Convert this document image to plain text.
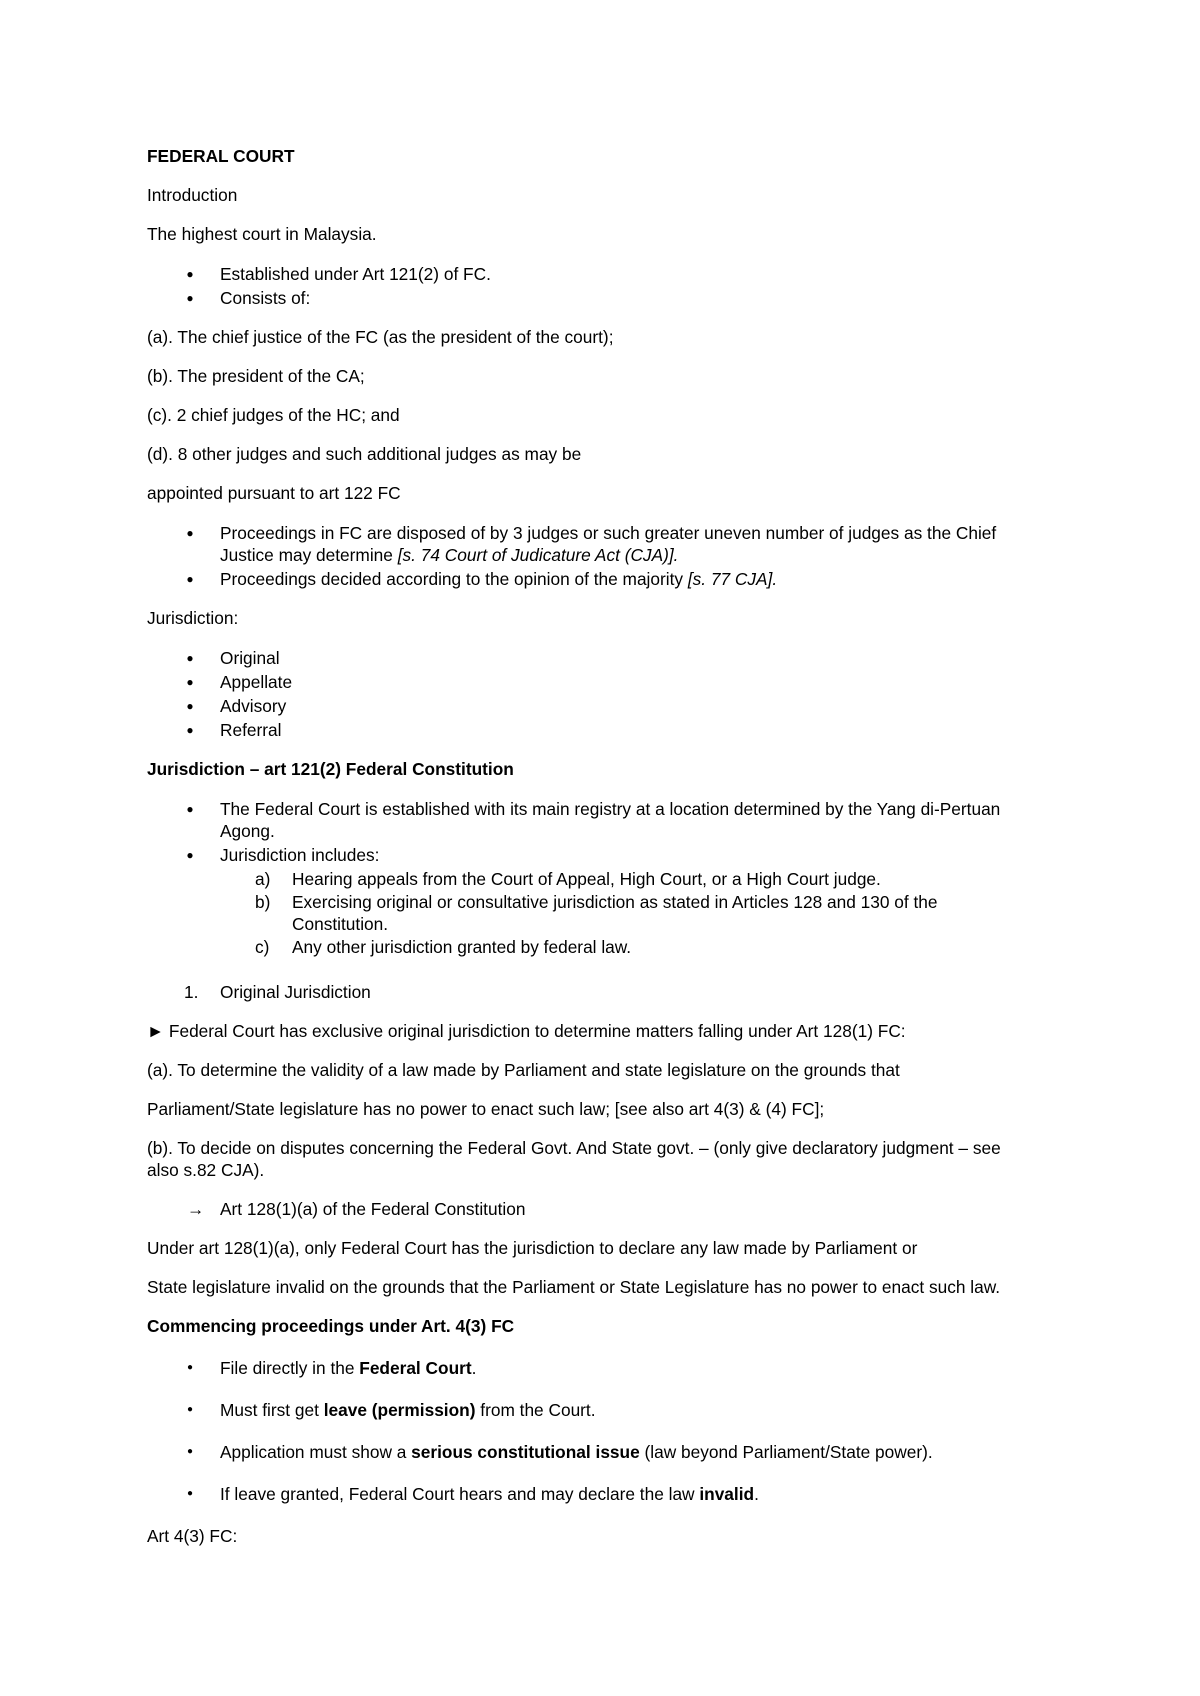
FEDERAL COURT
Introduction
The highest court in Malaysia.
●
Established under Art 121(2) of FC.
●
Consists of:
(a). The chief justice of the FC (as the president of the court);
(b). The president of the CA;
(c). 2 chief judges of the HC; and
(d). 8 other judges and such additional judges as may be
appointed pursuant to art 122 FC
●
Proceedings in FC are disposed of by 3 judges or such greater uneven number of judges as the Chief
Justice may determine [s. 74 Court of Judicature Act (CJA)].
●
Proceedings decided according to the opinion of the majority [s. 77 CJA].
Jurisdiction:
●
Original
●
Appellate
●
Advisory
●
Referral
Jurisdiction – art 121(2) Federal Constitution
●
The Federal Court is established with its main registry at a location determined by the Yang di-Pertuan
Agong.
●
Jurisdiction includes:
a)	Hearing appeals from the Court of Appeal, High Court, or a High Court judge.
b)	Exercising original or consultative jurisdiction as stated in Articles 128 and 130 of the
Constitution.
c)	Any other jurisdiction granted by federal law.
1. Original Jurisdiction
► Federal Court has exclusive original jurisdiction to determine matters falling under Art 128(1) FC:
(a). To determine the validity of a law made by Parliament and state legislature on the grounds that
Parliament/State legislature has no power to enact such law; [see also art 4(3) & (4) FC];
(b). To decide on disputes concerning the Federal Govt. And State govt. – (only give declaratory judgment – see
also s.82 CJA).
→ Art 128(1)(a) of the Federal Constitution
Under art 128(1)(a), only Federal Court has the jurisdiction to declare any law made by Parliament or
State legislature invalid on the grounds that the Parliament or State Legislature has no power to enact such law.
Commencing proceedings under Art. 4(3) FC
●
File directly in the Federal Court.
●
Must first get leave (permission) from the Court.
●
Application must show a serious constitutional issue (law beyond Parliament/State power).
●
If leave granted, Federal Court hears and may declare the law invalid.
Art 4(3) FC:
